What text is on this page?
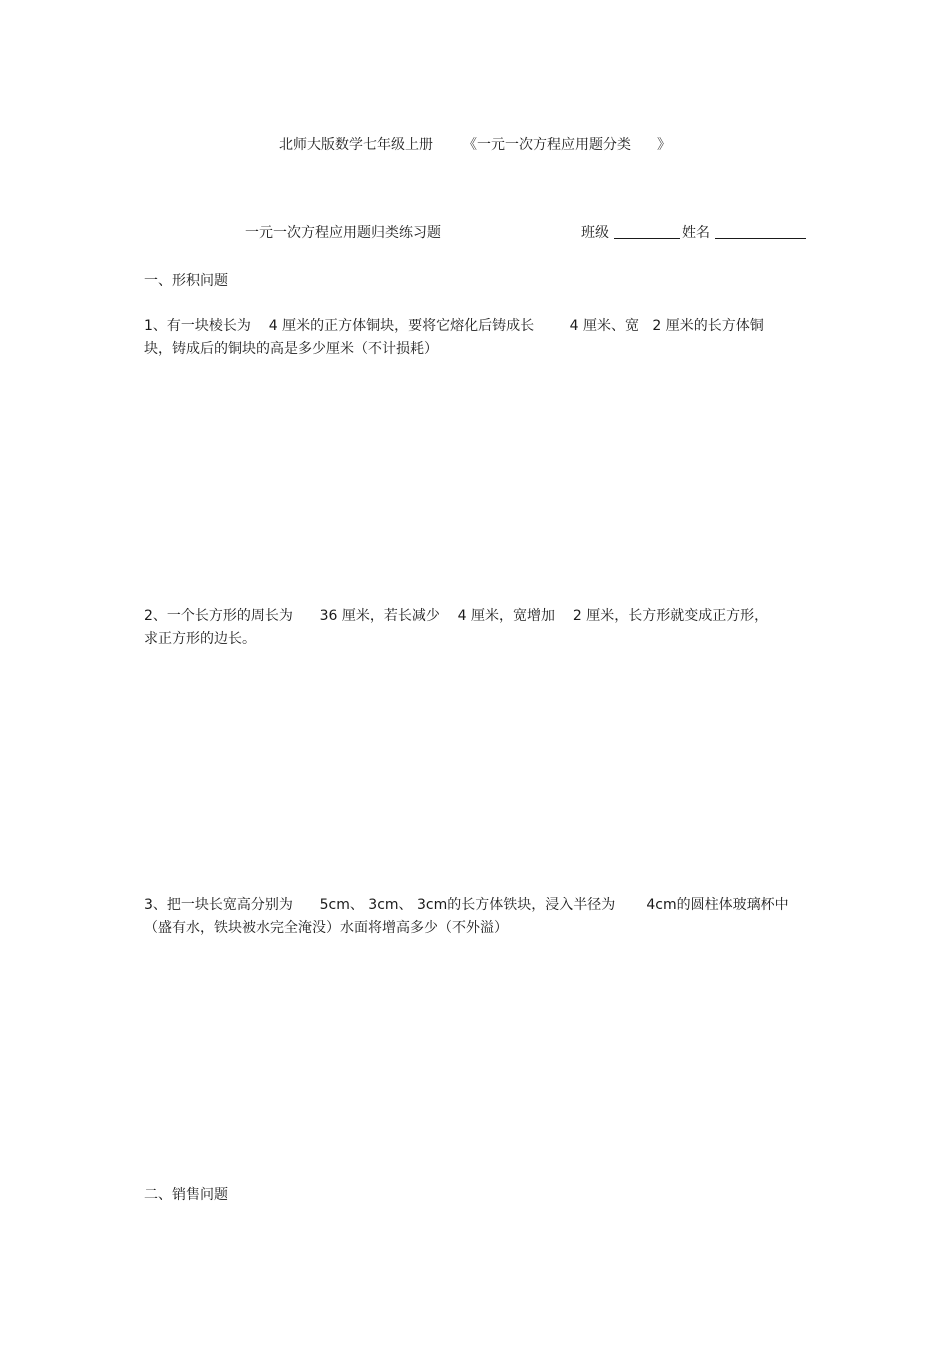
北师大版数学七年级上册 《一元一次方程应用题分类 》
一元一次方程应用题归类练习题	班级	姓名
一、形积问题
1、有一块棱长为    4 厘米的正方体铜块，要将它熔化后铸成长        4 厘米、宽   2 厘米的长方体铜
块，铸成后的铜块的高是多少厘米（不计损耗）
2、一个长方形的周长为      36 厘米，若长减少    4 厘米，宽增加    2 厘米，长方形就变成正方形，
求正方形的边长。
3、把一块长宽高分别为      5cm、 3cm、 3cm的长方体铁块，浸入半径为       4cm的圆柱体玻璃杯中
（盛有水，铁块被水完全淹没）水面将增高多少（不外溢）
二、销售问题
